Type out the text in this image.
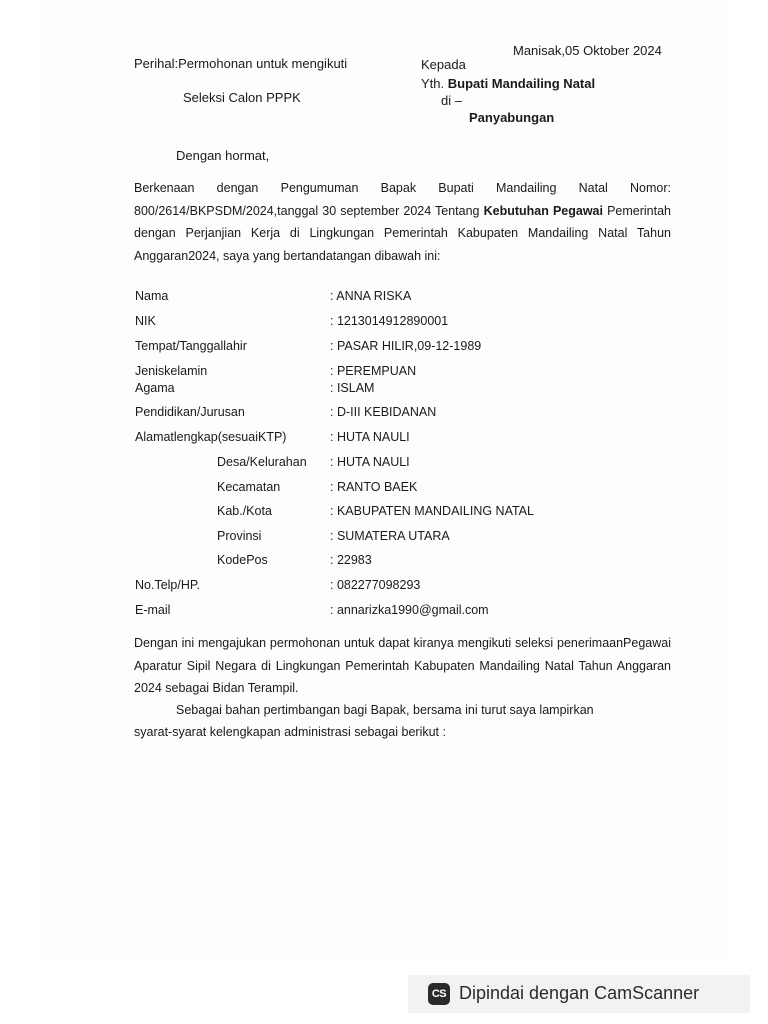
Perihal:Permohonan untuk mengikuti
Seleksi Calon PPPK
Manisak,05 Oktober 2024
Kepada
Yth. Bupati Mandailing Natal
di –
Panyabungan
Dengan hormat,
Berkenaan dengan Pengumuman Bapak Bupati Mandailing Natal Nomor: 800/2614/BKPSDM/2024,tanggal 30 september 2024 Tentang Kebutuhan Pegawai Pemerintah dengan Perjanjian Kerja di Lingkungan Pemerintah Kabupaten Mandailing Natal Tahun Anggaran2024, saya yang bertandatangan dibawah ini:
Nama	: ANNA RISKA
NIK	: 1213014912890001
Tempat/Tanggallahir	: PASAR HILIR,09-12-1989
Jeniskelamin	: PEREMPUAN
Agama	: ISLAM
Pendidikan/Jurusan	: D-III KEBIDANAN
Alamatlengkap(sesuaiKTP)	: HUTA NAULI
Desa/Kelurahan : HUTA NAULI
Kecamatan	: RANTO BAEK
Kab./Kota	: KABUPATEN MANDAILING NATAL
Provinsi	: SUMATERA UTARA
KodePos	: 22983
No.Telp/HP.	: 082277098293
E-mail	: annarizka1990@gmail.com
Dengan ini mengajukan permohonan untuk dapat kiranya mengikuti seleksi penerimaanPegawai Aparatur Sipil Negara di Lingkungan Pemerintah Kabupaten Mandailing Natal Tahun Anggaran 2024 sebagai Bidan Terampil.
Sebagai bahan pertimbangan bagi Bapak, bersama ini turut saya lampirkan
syarat-syarat kelengkapan administrasi sebagai berikut :
CS Dipindai dengan CamScanner
